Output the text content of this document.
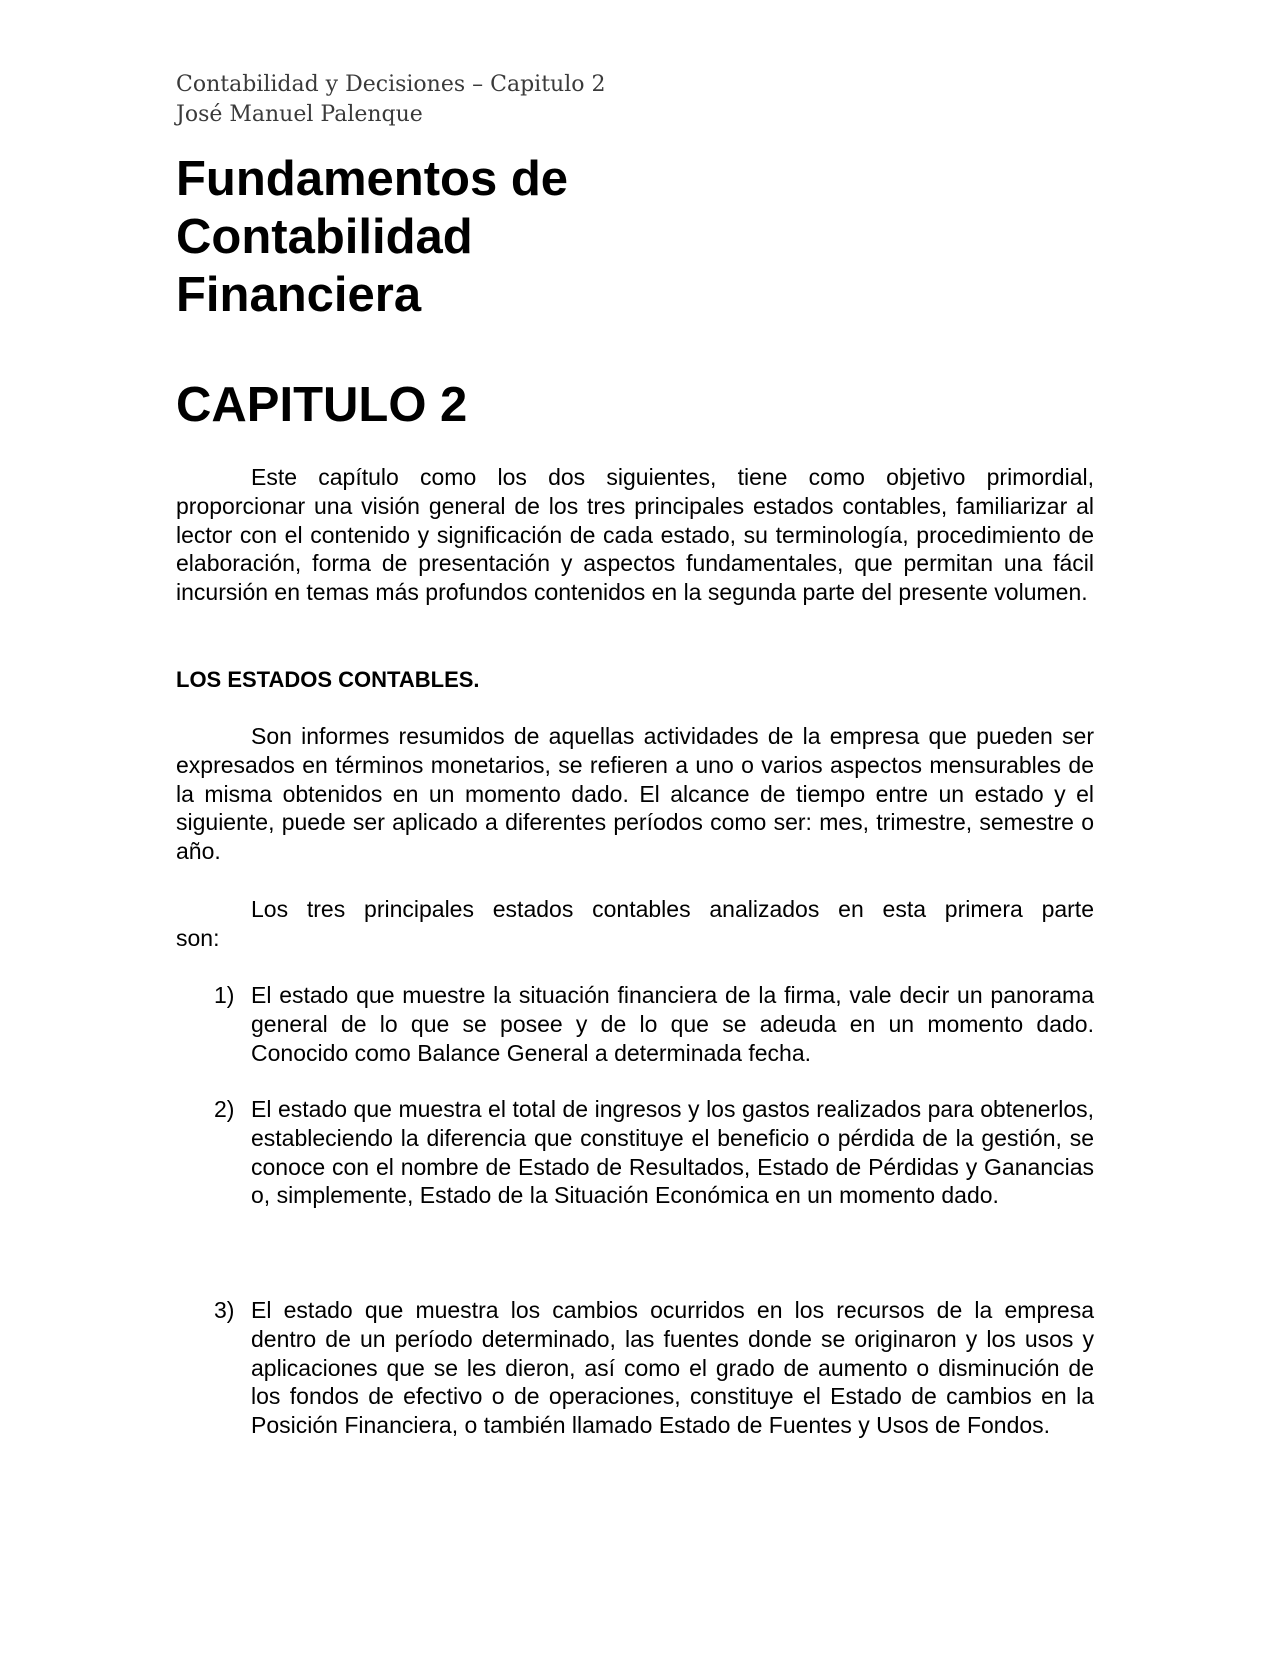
Contabilidad y Decisiones – Capitulo 2
José Manuel Palenque
Fundamentos de
Contabilidad
Financiera
CAPITULO 2

Este capítulo como los dos siguientes, tiene como objetivo primordial, proporcionar una visión general de los tres principales estados contables, familiarizar al lector con el contenido y significación de cada estado, su terminología, procedimiento de elaboración, forma de presentación y aspectos fundamentales, que permitan una fácil incursión en temas más profundos contenidos en la segunda parte del presente volumen.

LOS ESTADOS CONTABLES.

Son informes resumidos de aquellas actividades de la empresa que pueden ser expresados en términos monetarios, se refieren a uno o varios aspectos mensurables de la misma obtenidos en un momento dado. El alcance de tiempo entre un estado y el siguiente, puede ser aplicado a diferentes períodos como ser: mes, trimestre, semestre o año.

Los tres principales estados contables analizados en esta primera parte

son:
1) El estado que muestre la situación financiera de la firma, vale decir un panorama general de lo que se posee y de lo que se adeuda en un momento dado. Conocido como Balance General a determinada fecha.
2) El estado que muestra el total de ingresos y los gastos realizados para obtenerlos, estableciendo la diferencia que constituye el beneficio o pérdida de la gestión, se conoce con el nombre de Estado de Resultados, Estado de Pérdidas y Ganancias o, simplemente, Estado de la Situación Económica en un momento dado.
3) El estado que muestra los cambios ocurridos en los recursos de la empresa dentro de un período determinado, las fuentes donde se originaron y los usos y aplicaciones que se les dieron, así como el grado de aumento o disminución de los fondos de efectivo o de operaciones, constituye el Estado de cambios en la Posición Financiera, o también llamado Estado de Fuentes y Usos de Fondos.
